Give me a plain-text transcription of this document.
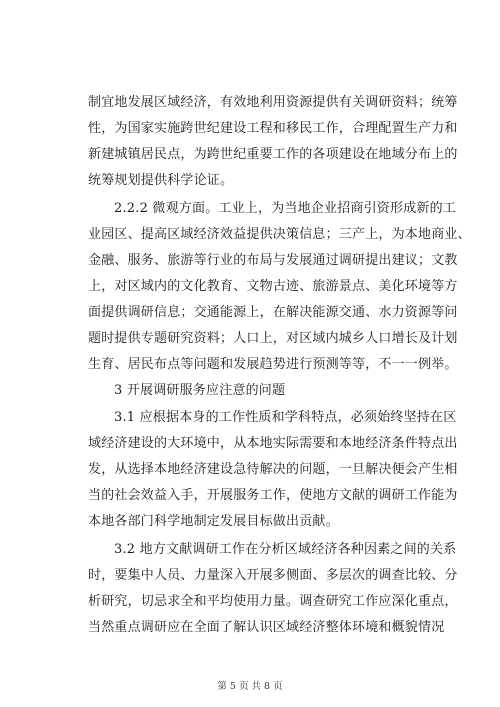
制宜地发展区域经济，有效地利用资源提供有关调研资料；统筹
性，为国家实施跨世纪建设工程和移民工作，合理配置生产力和
新建城镇居民点，为跨世纪重要工作的各项建设在地域分布上的
统筹规划提供科学论证。
2.2.2 微观方面。工业上，为当地企业招商引资形成新的工
业园区、提高区域经济效益提供决策信息；三产上，为本地商业、
金融、服务、旅游等行业的布局与发展通过调研提出建议；文教
上，对区域内的文化教育、文物古迹、旅游景点、美化环境等方
面提供调研信息；交通能源上，在解决能源交通、水力资源等问
题时提供专题研究资料；人口上，对区域内城乡人口增长及计划
生育、居民布点等问题和发展趋势进行预测等等，不一一例举。
3 开展调研服务应注意的问题
3.1 应根据本身的工作性质和学科特点，必须始终坚持在区
域经济建设的大环境中，从本地实际需要和本地经济条件特点出
发，从选择本地经济建设急待解决的问题，一旦解决便会产生相
当的社会效益入手，开展服务工作，使地方文献的调研工作能为
本地各部门科学地制定发展目标做出贡献。
3.2 地方文献调研工作在分析区域经济各种因素之间的关系
时，要集中人员、力量深入开展多侧面、多层次的调查比较、分
析研究，切忌求全和平均使用力量。调查研究工作应深化重点，
当然重点调研应在全面了解认识区域经济整体环境和概貌情况
第 5 页 共 8 页
